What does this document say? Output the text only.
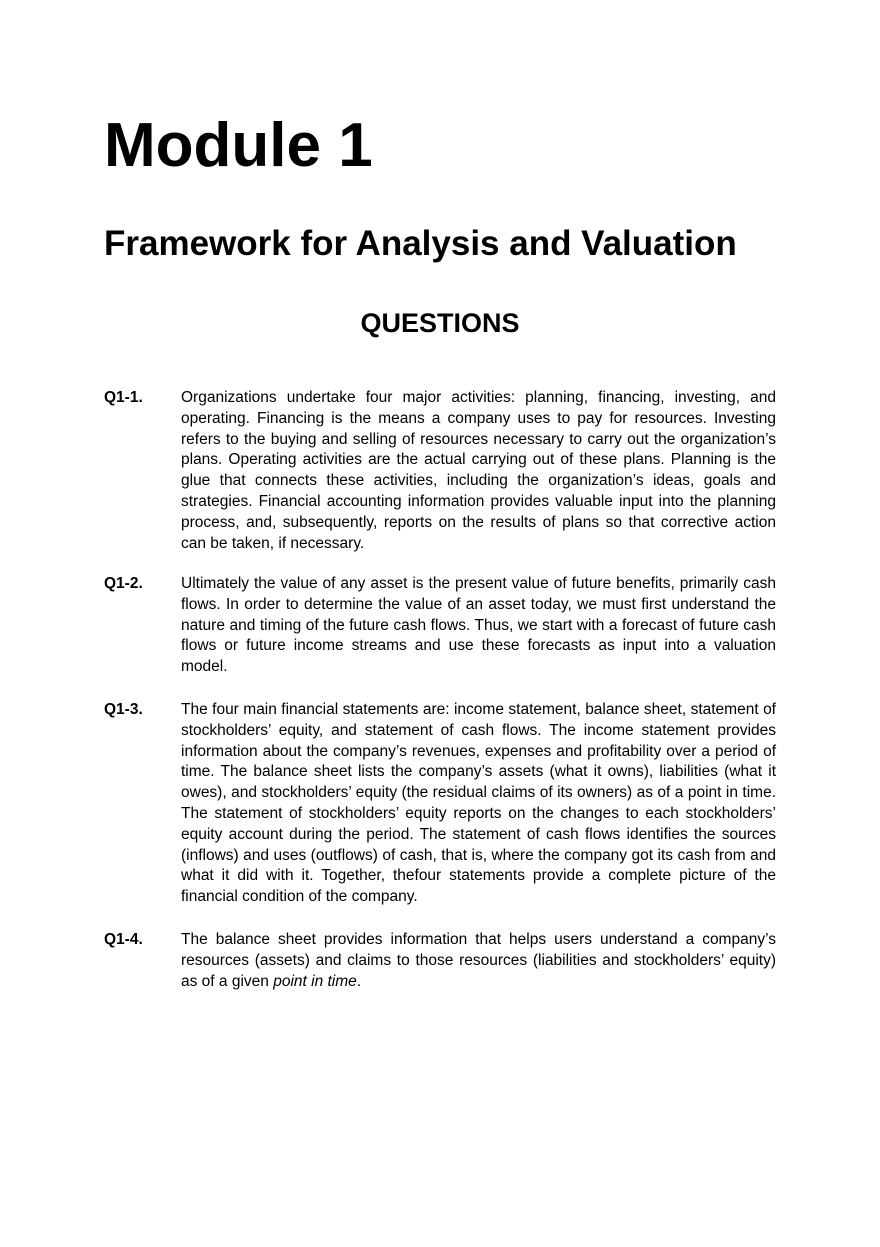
Module 1
Framework for Analysis and Valuation
QUESTIONS
Q1-1. Organizations undertake four major activities: planning, financing, investing, and operating. Financing is the means a company uses to pay for resources. Investing refers to the buying and selling of resources necessary to carry out the organization’s plans. Operating activities are the actual carrying out of these plans. Planning is the glue that connects these activities, including the organization’s ideas, goals and strategies. Financial accounting information provides valuable input into the planning process, and, subsequently, reports on the results of plans so that corrective action can be taken, if necessary.
Q1-2. Ultimately the value of any asset is the present value of future benefits, primarily cash flows. In order to determine the value of an asset today, we must first understand the nature and timing of the future cash flows. Thus, we start with a forecast of future cash flows or future income streams and use these forecasts as input into a valuation model.
Q1-3. The four main financial statements are: income statement, balance sheet, statement of stockholders’ equity, and statement of cash flows. The income statement provides information about the company’s revenues, expenses and profitability over a period of time. The balance sheet lists the company’s assets (what it owns), liabilities (what it owes), and stockholders’ equity (the residual claims of its owners) as of a point in time. The statement of stockholders’ equity reports on the changes to each stockholders’ equity account during the period. The statement of cash flows identifies the sources (inflows) and uses (outflows) of cash, that is, where the company got its cash from and what it did with it. Together, thefour statements provide a complete picture of the financial condition of the company.
Q1-4. The balance sheet provides information that helps users understand a company’s resources (assets) and claims to those resources (liabilities and stockholders’ equity) as of a given point in time.
